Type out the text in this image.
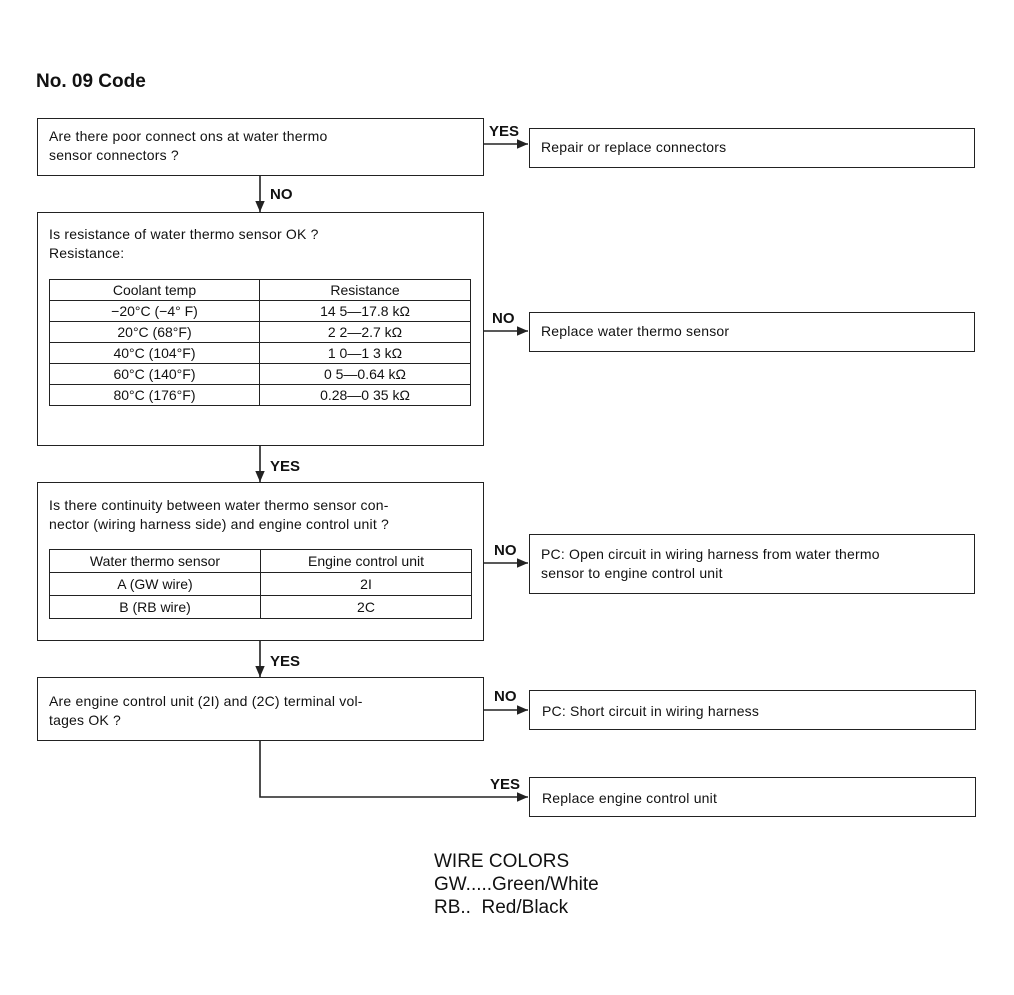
No. 09 Code
YES
NO
NO
YES
NO
YES
NO
YES
Are there poor connect ons at water thermo
sensor connectors ?	Repair or replace connectors
Is resistance of water thermo sensor OK ?
Resistance:
Coolant temp	Resistance
−20°C (−4° F)	14 5—17.8 kΩ
20°C (68°F)	2 2—2.7 kΩ
40°C (104°F)	1 0—1 3 kΩ
60°C (140°F)	0 5—0.64 kΩ
80°C (176°F)	0.28—0 35 kΩ
Replace water thermo sensor
Is there continuity between water thermo sensor con-
nector (wiring harness side) and engine control unit ?
Water thermo sensor	Engine control unit
A (GW wire)	2I
B (RB wire)	2C
PC: Open circuit in wiring harness from water thermo
sensor to engine control unit
Are engine control unit (2I) and (2C) terminal vol-
tages OK ?
PC: Short circuit in wiring harness
Replace engine control unit
WIRE COLORS
GW.....Green/White
RB..  Red/Black
